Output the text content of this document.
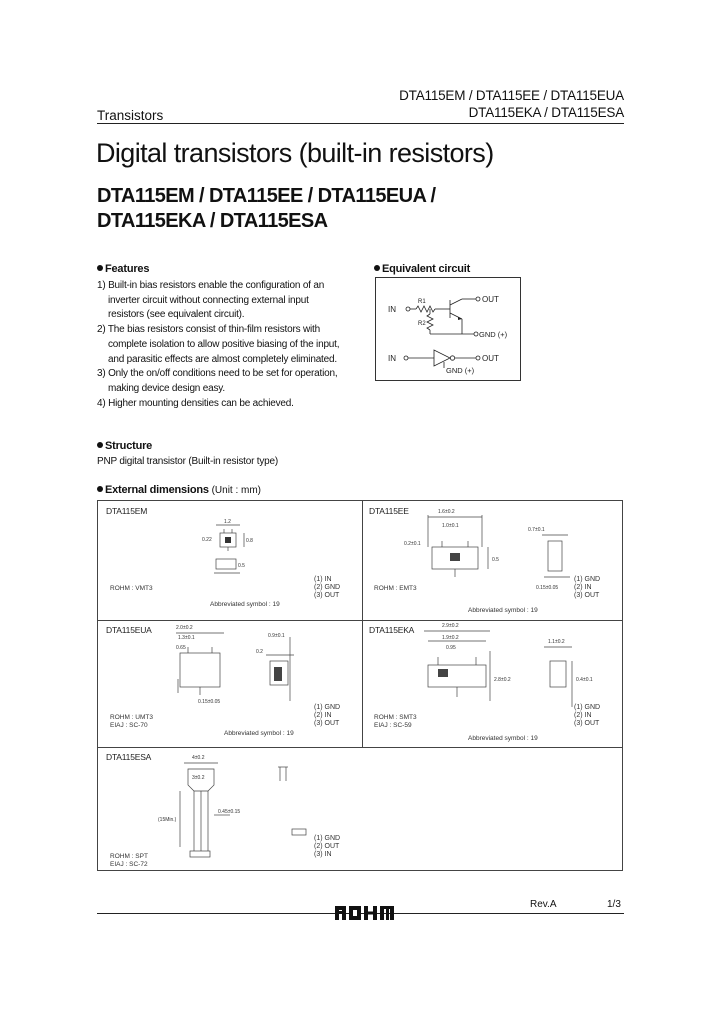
DTA115EM / DTA115EE / DTA115EUA
DTA115EKA / DTA115ESA
Transistors
Digital transistors (built-in resistors)
DTA115EM / DTA115EE / DTA115EUA /
DTA115EKA / DTA115ESA
Features
1) Built-in bias resistors enable the configuration of an
inverter circuit without connecting external input
resistors (see equivalent circuit).
2) The bias resistors consist of thin-film resistors with
complete isolation to allow positive biasing of the input,
and parasitic effects are almost completely eliminated.
3) Only the on/off conditions need to be set for operation,
making device design easy.
4) Higher mounting densities can be achieved.
Equivalent circuit
IN
R1
R2
OUT
GND (+)
IN	OUT
GND (+)
Structure
PNP digital transistor (Built-in resistor type)
External dimensions (Unit : mm)
DTA115EM
1.2
0.8
0.22
0.5
ROHM : VMT3
(1) IN
(2) GND
(3) OUT
Abbreviated symbol : 19
DTA115EE	1.6±0.2
1.0±0.1
0.2±0.1
0.7±0.1
0.15±0.05
0.5
ROHM : EMT3
(1) GND
(2) IN
(3) OUT
Abbreviated symbol : 19
DTA115EUA	2.0±0.2
1.3±0.1
0.65
0.2
0.9±0.1
0.15±0.05
ROHM : UMT3
EIAJ : SC-70
(1) GND
(2) IN
(3) OUT
Abbreviated symbol : 19
DTA115EKA	2.9±0.2
1.9±0.2
0.95
1.1±0.2
0.4±0.1
2.8±0.2
ROHM : SMT3
EIAJ : SC-59
(1) GND
(2) IN
(3) OUT
Abbreviated symbol : 19
DTA115ESA	4±0.2
3±0.2
(15Min.)
0.45±0.15
ROHM : SPT
EIAJ : SC-72
(1) GND
(2) OUT
(3) IN
Rev.A	1/3
